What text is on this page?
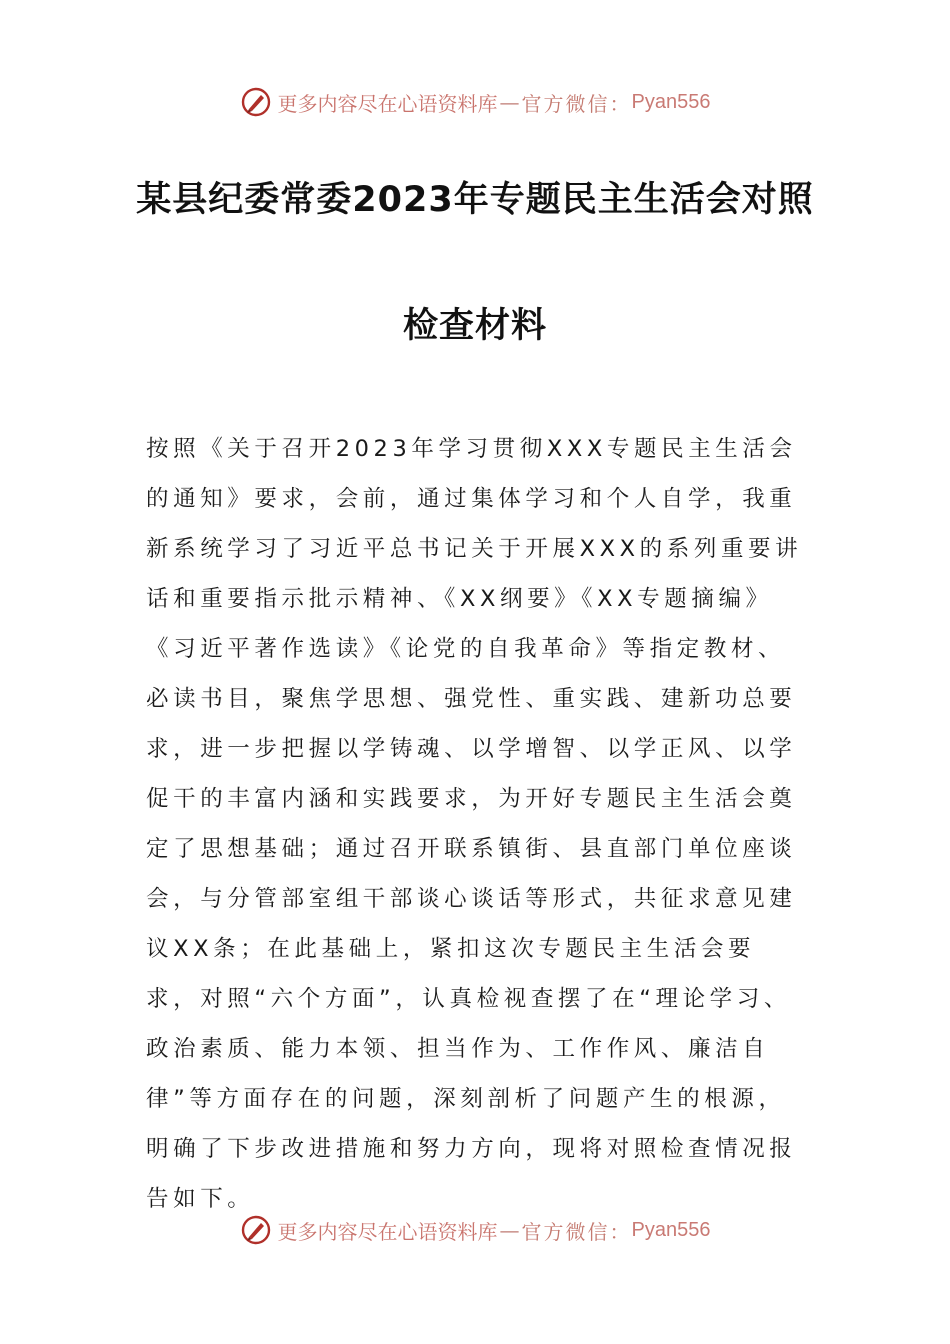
更多内容尽在心语资料库 — 官方微信： Pyan556
某县纪委常委2023年专题民主生活会对照
检查材料

按照《关于召开2023年学习贯彻XXX专题民主生活会的通知》要求，会前，通过集体学习和个人自学，我重新系统学习了习近平总书记关于开展XXX的系列重要讲话和重要指示批示精神、《XX纲要》《XX专题摘编》《习近平著作选读》《论党的自我革命》等指定教材、必读书目，聚焦学思想、强党性、重实践、建新功总要求，进一步把握以学铸魂、以学增智、以学正风、以学促干的丰富内涵和实践要求，为开好专题民主生活会奠定了思想基础；通过召开联系镇街、县直部门单位座谈会，与分管部室组干部谈心谈话等形式，共征求意见建议XX条；在此基础上，紧扣这次专题民主生活会要求，对照“六个方面”，认真检视查摆了在“理论学习、政治素质、能力本领、担当作为、工作作风、廉洁自律”等方面存在的问题，深刻剖析了问题产生的根源，明确了下步改进措施和努力方向，现将对照检查情况报告如下。

更多内容尽在心语资料库 — 官方微信： Pyan556
